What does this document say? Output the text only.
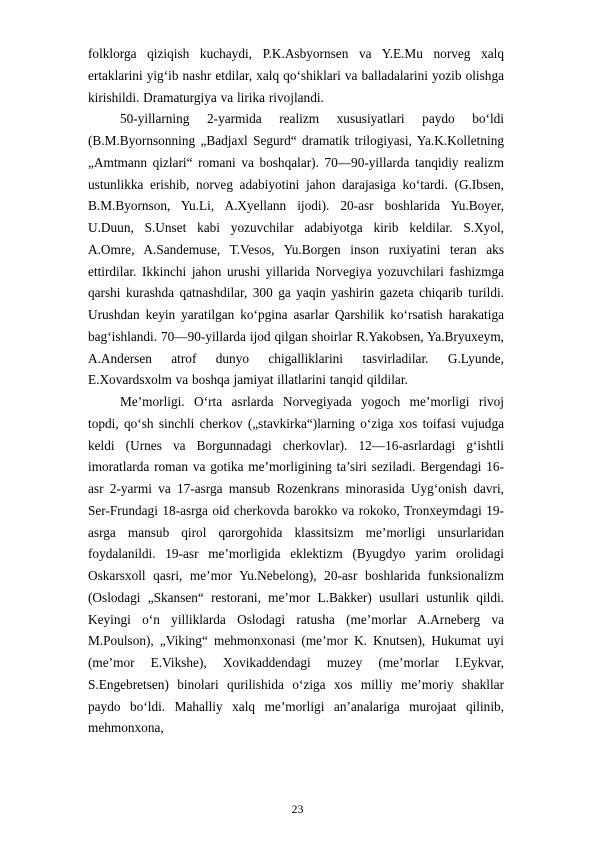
folklorga qiziqish kuchaydi, P.K.Asbyornsen va Y.E.Mu norveg xalq ertaklarini yig‘ib nashr etdilar, xalq qo‘shiklari va balladalarini yozib olishga kirishildi. Dramaturgiya va lirika rivojlandi.

50-yillarning 2-yarmida realizm xususiyatlari paydo bo‘ldi (B.M.Byornsonning „Badjaxl Segurd“ dramatik trilogiyasi, Ya.K.Kolletning „Amtmann qizlari“ romani va boshqalar). 70—90-yillarda tanqidiy realizm ustunlikka erishib, norveg adabiyotini jahon darajasiga ko‘tardi. (G.Ibsen, B.M.Byornson, Yu.Li, A.Xyellann ijodi). 20-asr boshlarida Yu.Boyer, U.Duun, S.Unset kabi yozuvchilar adabiyotga kirib keldilar. S.Xyol, A.Omre, A.Sandemuse, T.Vesos, Yu.Borgen inson ruxiyatini teran aks ettirdilar. Ikkinchi jahon urushi yillarida Norvegiya yozuvchilari fashizmga qarshi kurashda qatnashdilar, 300 ga yaqin yashirin gazeta chiqarib turildi. Urushdan keyin yaratilgan ko‘pgina asarlar Qarshilik ko‘rsatish harakatiga bag‘ishlandi. 70—90-yillarda ijod qilgan shoirlar R.Yakobsen, Ya.Bryuxeym, A.Andersen atrof dunyo chigalliklarini tasvirladilar. G.Lyunde, E.Xovardsxolm va boshqa jamiyat illatlarini tanqid qildilar.

Me’morligi. O‘rta asrlarda Norvegiyada yogoch me’morligi rivoj topdi, qo‘sh sinchli cherkov („stavkirka“)larning o‘ziga xos toifasi vujudga keldi (Urnes va Borgunnadagi cherkovlar). 12—16-asrlardagi g‘ishtli imoratlarda roman va gotika me’morligining ta’siri seziladi. Bergendagi 16-asr 2-yarmi va 17-asrga mansub Rozenkrans minorasida Uyg‘onish davri, Ser-Frundagi 18-asrga oid cherkovda barokko va rokoko, Tronxeymdagi 19-asrga mansub qirol qarorgohida klassitsizm me’morligi unsurlaridan foydalanildi. 19-asr me’morligida eklektizm (Byugdyo yarim orolidagi Oskarsxoll qasri, me’mor Yu.Nebelong), 20-asr boshlarida funksionalizm (Oslodagi „Skansen“ restorani, me’mor L.Bakker) usullari ustunlik qildi. Keyingi o‘n yilliklarda Oslodagi ratusha (me’morlar A.Arneberg va M.Poulson), „Viking“ mehmonxonasi (me’mor K. Knutsen), Hukumat uyi (me’mor E.Vikshe), Xovikaddendagi muzey (me’morlar I.Eykvar, S.Engebretsen) binolari qurilishida o‘ziga xos milliy me’moriy shakllar paydo bo‘ldi. Mahalliy xalq me’morligi an’analariga murojaat qilinib, mehmonxona,

23
